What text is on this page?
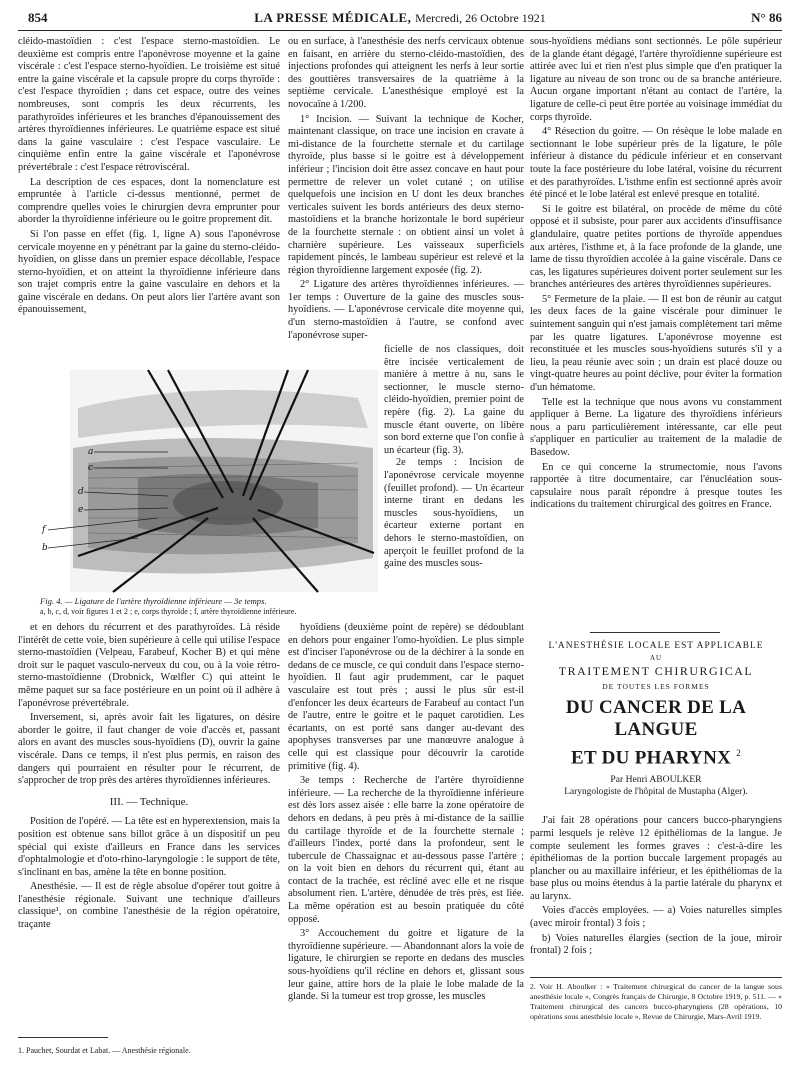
854	LA PRESSE MÉDICALE, Mercredi, 26 Octobre 1921	N° 86

cléido-mastoïdien : c'est l'espace sterno-mastoïdien. Le deuxième est compris entre l'aponévrose moyenne et la gaine viscérale : c'est l'espace sterno-hyoïdien. Le troisième est situé entre la gaine viscérale et la capsule propre du corps thyroïde : c'est l'espace thyroïdien ; dans cet espace, outre des veines nombreuses, sont compris les deux récurrents, les parathyroïdes inférieures et les branches d'épanouissement des artères thyroïdiennes inférieures. Le quatrième espace est situé dans la gaine vasculaire : c'est l'espace vasculaire. Le cinquième enfin entre la gaine viscérale et l'aponévrose prévertébrale : c'est l'espace rétroviscéral.

La description de ces espaces, dont la nomenclature est empruntée à l'article ci-dessus mentionné, permet de comprendre quelles voies le chirurgien devra emprunter pour aborder la thyroïdienne inférieure ou le goitre proprement dit.

Si l'on passe en effet (fig. 1, ligne A) sous l'aponévrose cervicale moyenne en y pénétrant par la gaine du sterno-cléido-hyoïdien, on glisse dans un premier espace décollable, l'espace sterno-hyoïdien, et on atteint la thyroïdienne inférieure dans son trajet compris entre la gaine vasculaire en dehors et la gaine viscérale en dedans. On peut alors lier l'artère avant son épanouissement,

ou en surface, à l'anesthésie des nerfs cervicaux obtenue en faisant, en arrière du sterno-cléido-mastoïdien, des injections profondes qui atteignent les nerfs à leur sortie des gouttières transversaires de la quatrième à la septième cervicale. L'anesthésique employé est la novocaïne à 1/200.

1° Incision. — Suivant la technique de Kocher, maintenant classique, on trace une incision en cravate à mi-distance de la fourchette sternale et du cartilage thyroïde, plus basse si le goitre est à développement inférieur ; l'incision doit être assez concave en haut pour permettre de relever un volet cutané ; on utilise quelquefois une incision en U dont les deux branches verticales suivent les bords antérieurs des deux sterno-mastoïdiens et la branche horizontale le bord supérieur de la fourchette sternale : on obtient ainsi un volet à charnière supérieure. Les vaisseaux superficiels rapidement pincés, le lambeau supérieur est relevé et la région thyroïdienne largement exposée (fig. 2).

2° Ligature des artères thyroïdiennes inférieures. — 1er temps : Ouverture de la gaine des muscles sous-hyoïdiens. — L'aponévrose cervicale dite moyenne qui, d'un sterno-mastoïdien à l'autre, se confond avec l'aponévrose super-

a
c
d
e
f
b
Fig. 4. — Ligature de l'artère thyroïdienne inférieure — 3e temps.
a, b, c, d, voir figures 1 et 2 ; e, corps thyroïde ; f, artère thyroïdienne inférieure.

ficielle de nos classiques, doit être incisée verticalement de manière à mettre à nu, sans le sectionner, le muscle sterno-cléido-hyoïdien, premier point de repère (fig. 2). La gaine du muscle étant ouverte, on libère son bord externe que l'on confie à un écarteur (fig. 3).

2e temps : Incision de l'aponévrose cervicale moyenne (feuillet profond). — Un écarteur interne tirant en dedans les muscles sous-hyoïdiens, un écarteur externe portant en dehors le sterno-mastoïdien, on aperçoit le feuillet profond de la gaine des muscles sous-

et en dehors du récurrent et des parathyroïdes. Là réside l'intérêt de cette voie, bien supérieure à celle qui utilise l'espace sterno-mastoïdien (Velpeau, Farabeuf, Kocher B) et qui mène droit sur le paquet vasculo-nerveux du cou, ou à la voie rétro-sterno-mastoïdienne (Drobnick, Wœlfler C) qui atteint le même paquet sur sa face postérieure en un point où il adhère à l'aponévrose prévertébrale.

Inversement, si, après avoir fait les ligatures, on désire aborder le goitre, il faut changer de voie d'accès et, passant alors en avant des muscles sous-hyoïdiens (D), ouvrir la gaine viscérale. Dans ce temps, il n'est plus permis, en raison des dangers qui pourraient en résulter pour le récurrent, de s'approcher de trop près des artères thyroïdiennes inférieures.

III. — Technique.

Position de l'opéré. — La tête est en hyperextension, mais la position est obtenue sans billot grâce à un dispositif un peu spécial qui existe d'ailleurs en France dans les services d'ophtalmologie et d'oto-rhino-laryngologie : le support de tête, s'inclinant en bas, amène la tête en bonne position.

Anesthésie. — Il est de règle absolue d'opérer tout goitre à l'anesthésie régionale. Suivant une technique d'ailleurs classique¹, on combine l'anesthésie de la région opératoire, traçante

1. Pauchet, Sourdat et Labat. — Anesthésie régionale.

hyoïdiens (deuxième point de repère) se dédoublant en dehors pour engainer l'omo-hyoïdien. Le plus simple est d'inciser l'aponévrose ou de la déchirer à la sonde en dedans de ce muscle, ce qui conduit dans l'espace sterno-hyoïdien. Il faut agir prudemment, car le paquet vasculaire est tout près ; aussi le plus sûr est-il d'enfoncer les deux écarteurs de Farabeuf au contact l'un de l'autre, entre le goitre et le paquet carotidien. Les écartants, on est porté sans danger au-devant des apophyses transverses par une manœuvre analogue à celle qui est classique pour découvrir la carotide primitive (fig. 4).

3e temps : Recherche de l'artère thyroïdienne inférieure. — La recherche de la thyroïdienne inférieure est dès lors assez aisée : elle barre la zone opératoire de dehors en dedans, à peu près à mi-distance de la saillie du cartilage thyroïde et de la fourchette sternale ; d'ailleurs l'index, porté dans la profondeur, sent le tubercule de Chassaignac et au-dessous passe l'artère ; on la voit bien en dehors du récurrent qui, étant au contact de la trachée, est récliné avec elle et ne risque absolument rien. L'artère, dénudée de très près, est liée. La même opération est au besoin pratiquée du côté opposé.

3° Accouchement du goitre et ligature de la thyroïdienne supérieure. — Abandonnant alors la voie de ligature, le chirurgien se reporte en dedans des muscles sous-hyoïdiens qu'il récline en dehors et, glissant sous leur gaine, attire hors de la plaie le lobe malade de la glande. Si la tumeur est trop grosse, les muscles

sous-hyoïdiens médians sont sectionnés. Le pôle supérieur de la glande étant dégagé, l'artère thyroïdienne supérieure est attirée avec lui et rien n'est plus simple que d'en pratiquer la ligature au niveau de son tronc ou de sa branche antérieure. Aucun organe important n'étant au contact de l'artère, la ligature de celle-ci peut être portée au voisinage immédiat du corps thyroïde.

4° Résection du goitre. — On résèque le lobe malade en sectionnant le lobe supérieur près de la ligature, le pôle inférieur à distance du pédicule inférieur et en conservant toute la face postérieure du lobe latéral, voisine du récurrent et des parathyroïdes. L'isthme enfin est sectionné après avoir été pincé et le lobe latéral est enlevé presque en totalité.

Si le goitre est bilatéral, on procède de même du côté opposé et il subsiste, pour parer aux accidents d'insuffisance glandulaire, quatre petites portions de thyroïde appendues aux artères, l'isthme et, à la face profonde de la glande, une lame de tissu thyroïdien accolée à la gaine viscérale. Dans ce cas, les ligatures supérieures doivent porter seulement sur les branches antérieures des artères thyroïdiennes supérieures.

5° Fermeture de la plaie. — Il est bon de réunir au catgut les deux faces de la gaine viscérale pour diminuer le suintement sanguin qui n'est jamais complètement tari même par les quatre ligatures. L'aponévrose moyenne est reconstituée et les muscles sous-hyoïdiens suturés s'il y a lieu, la peau réunie avec soin ; un drain est placé douze ou vingt-quatre heures au point déclive, pour éviter la formation d'un hématome.

Telle est la technique que nous avons vu constamment appliquer à Berne. La ligature des thyroïdiens inférieurs nous a paru particulièrement intéressante, car elle peut s'appliquer en particulier au traitement de la maladie de Basedow.

En ce qui concerne la strumectomie, nous l'avons rapportée à titre documentaire, car l'énucléation sous-capsulaire nous paraît répondre à presque toutes les indications du traitement chirurgical des goitres en France.

L'ANESTHÉSIE LOCALE EST APPLICABLE
AU
TRAITEMENT CHIRURGICAL
DE TOUTES LES FORMES
DU CANCER DE LA LANGUE
ET DU PHARYNX $^2$
Par Henri ABOULKER
Laryngologiste de l'hôpital de Mustapha (Alger).

J'ai fait 28 opérations pour cancers bucco-pharyngiens parmi lesquels je relève 12 épithéliomas de la langue. Je compte seulement les formes graves : c'est-à-dire les épithéliomas de la portion buccale largement propagés au plancher ou au maxillaire inférieur, et les épithéliomas de la base plus ou moins étendus à la partie latérale du pharynx et au larynx.

Voies d'accès employées. — a) Voies naturelles simples (avec miroir frontal) 3 fois ;

b) Voies naturelles élargies (section de la joue, miroir frontal) 2 fois ;

2. Voir H. Aboulker : « Traitement chirurgical du cancer de la langue sous anesthésie locale », Congrès français de Chirurgie, 8 Octobre 1919, p. 511. — « Traitement chirurgical des cancers bucco-pharyngiens (28 opérations, 10 opérations sous anesthésie locale », Revue de Chirurgie, Mars-Avril 1919.
